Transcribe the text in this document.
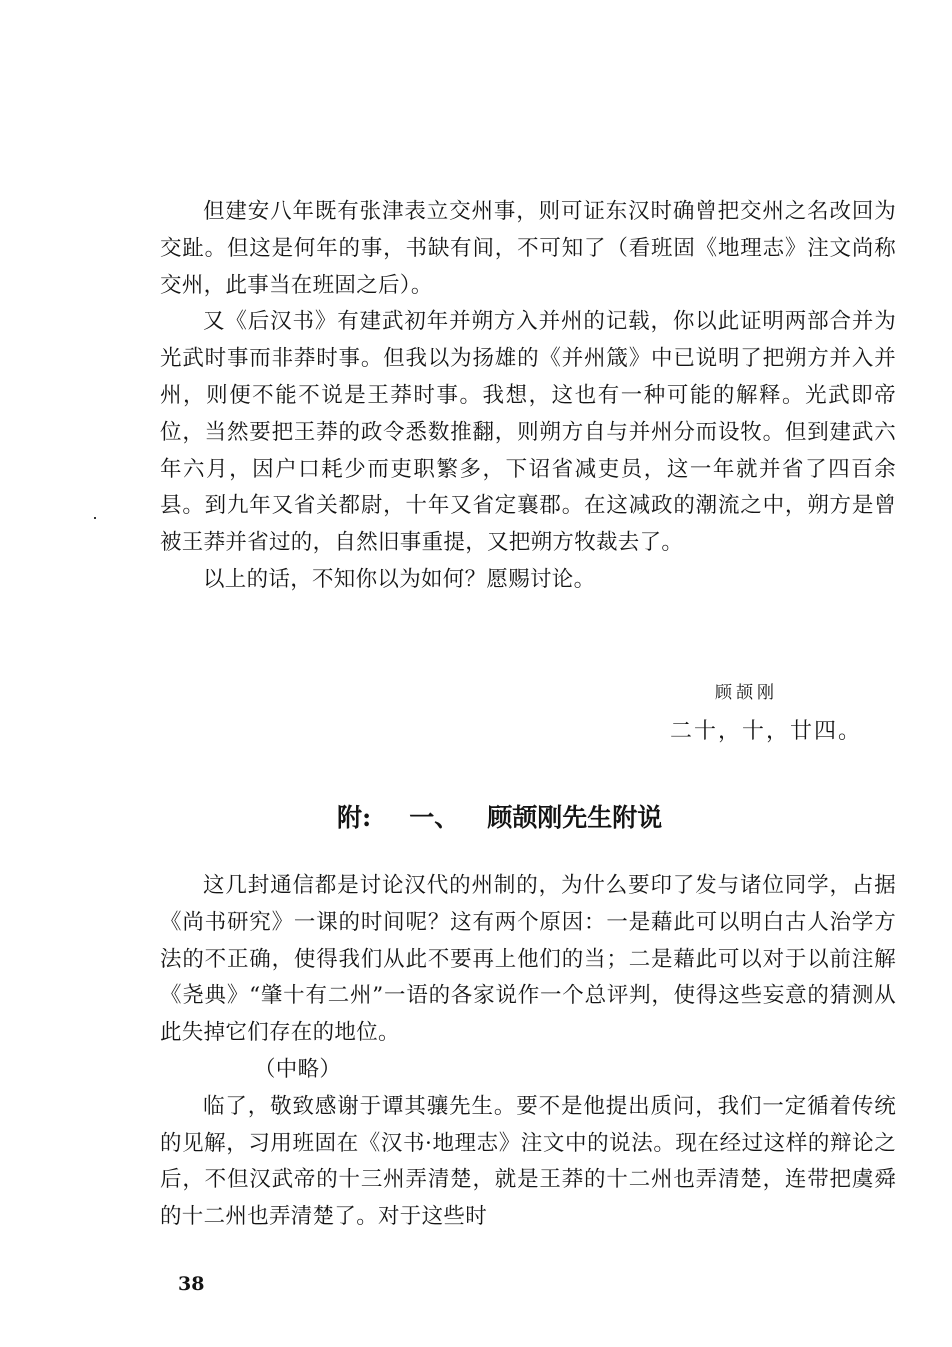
但建安八年既有张津表立交州事，则可证东汉时确曾把交州之名改回为交趾。但这是何年的事，书缺有间，不可知了（看班固《地理志》注文尚称交州，此事当在班固之后）。

又《后汉书》有建武初年并朔方入并州的记载，你以此证明两部合并为光武时事而非莽时事。但我以为扬雄的《并州箴》中已说明了把朔方并入并州，则便不能不说是王莽时事。我想，这也有一种可能的解释。光武即帝位，当然要把王莽的政令悉数推翻，则朔方自与并州分而设牧。但到建武六年六月，因户口耗少而吏职繁多，下诏省减吏员，这一年就并省了四百余县。到九年又省关都尉，十年又省定襄郡。在这减政的潮流之中，朔方是曾被王莽并省过的，自然旧事重提，又把朔方牧裁去了。

以上的话，不知你以为如何？愿赐讨论。

顾颉刚
二十，十，廿四。
附: 一、 顾颉刚先生附说

这几封通信都是讨论汉代的州制的，为什么要印了发与诸位同学，占据《尚书研究》一课的时间呢？这有两个原因：一是藉此可以明白古人治学方法的不正确，使得我们从此不要再上他们的当；二是藉此可以对于以前注解《尧典》“肇十有二州”一语的各家说作一个总评判，使得这些妄意的猜测从此失掉它们存在的地位。

（中略）

临了，敬致感谢于谭其骧先生。要不是他提出质问，我们一定循着传统的见解，习用班固在《汉书·地理志》注文中的说法。现在经过这样的辩论之后，不但汉武帝的十三州弄清楚，就是王莽的十二州也弄清楚，连带把虞舜的十二州也弄清楚了。对于这些时

38
